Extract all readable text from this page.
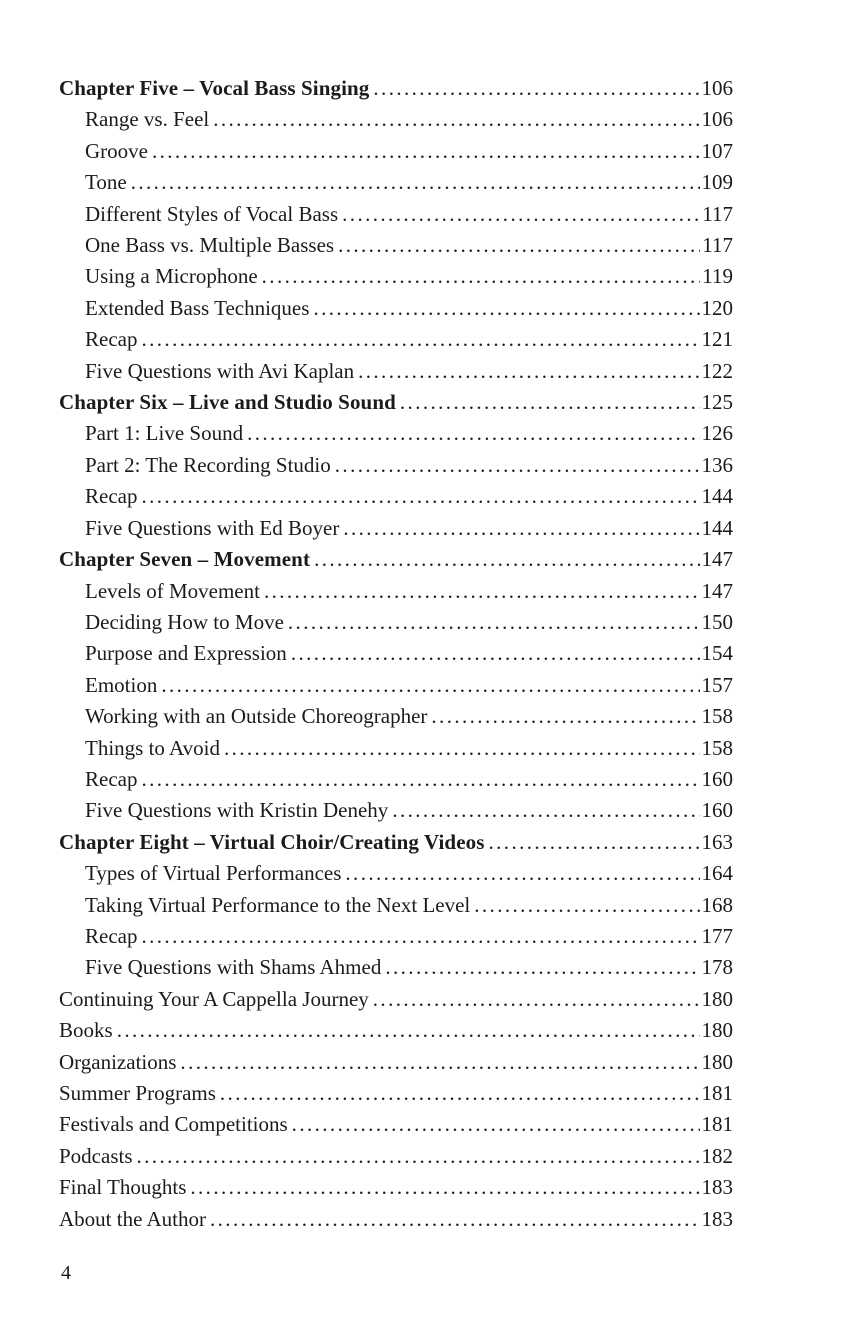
Chapter Five – Vocal Bass Singing .....	106
Range vs. Feel .....	106
Groove .....	107
Tone .....	109
Different Styles of Vocal Bass .....	117
One Bass vs. Multiple Basses .....	117
Using a Microphone .....	119
Extended Bass Techniques .....	120
Recap .....	121
Five Questions with Avi Kaplan .....	122
Chapter Six – Live and Studio Sound .....	125
Part 1: Live Sound .....	126
Part 2: The Recording Studio .....	136
Recap .....	144
Five Questions with Ed Boyer .....	144
Chapter Seven – Movement .....	147
Levels of Movement .....	147
Deciding How to Move .....	150
Purpose and Expression .....	154
Emotion .....	157
Working with an Outside Choreographer .....	158
Things to Avoid .....	158
Recap .....	160
Five Questions with Kristin Denehy .....	160
Chapter Eight – Virtual Choir/Creating Videos .....	163
Types of Virtual Performances .....	164
Taking Virtual Performance to the Next Level .....	168
Recap .....	177
Five Questions with Shams Ahmed .....	178
Continuing Your A Cappella Journey .....	180
Books .....	180
Organizations .....	180
Summer Programs .....	181
Festivals and Competitions .....	181
Podcasts .....	182
Final Thoughts .....	183
About the Author .....	183
4
